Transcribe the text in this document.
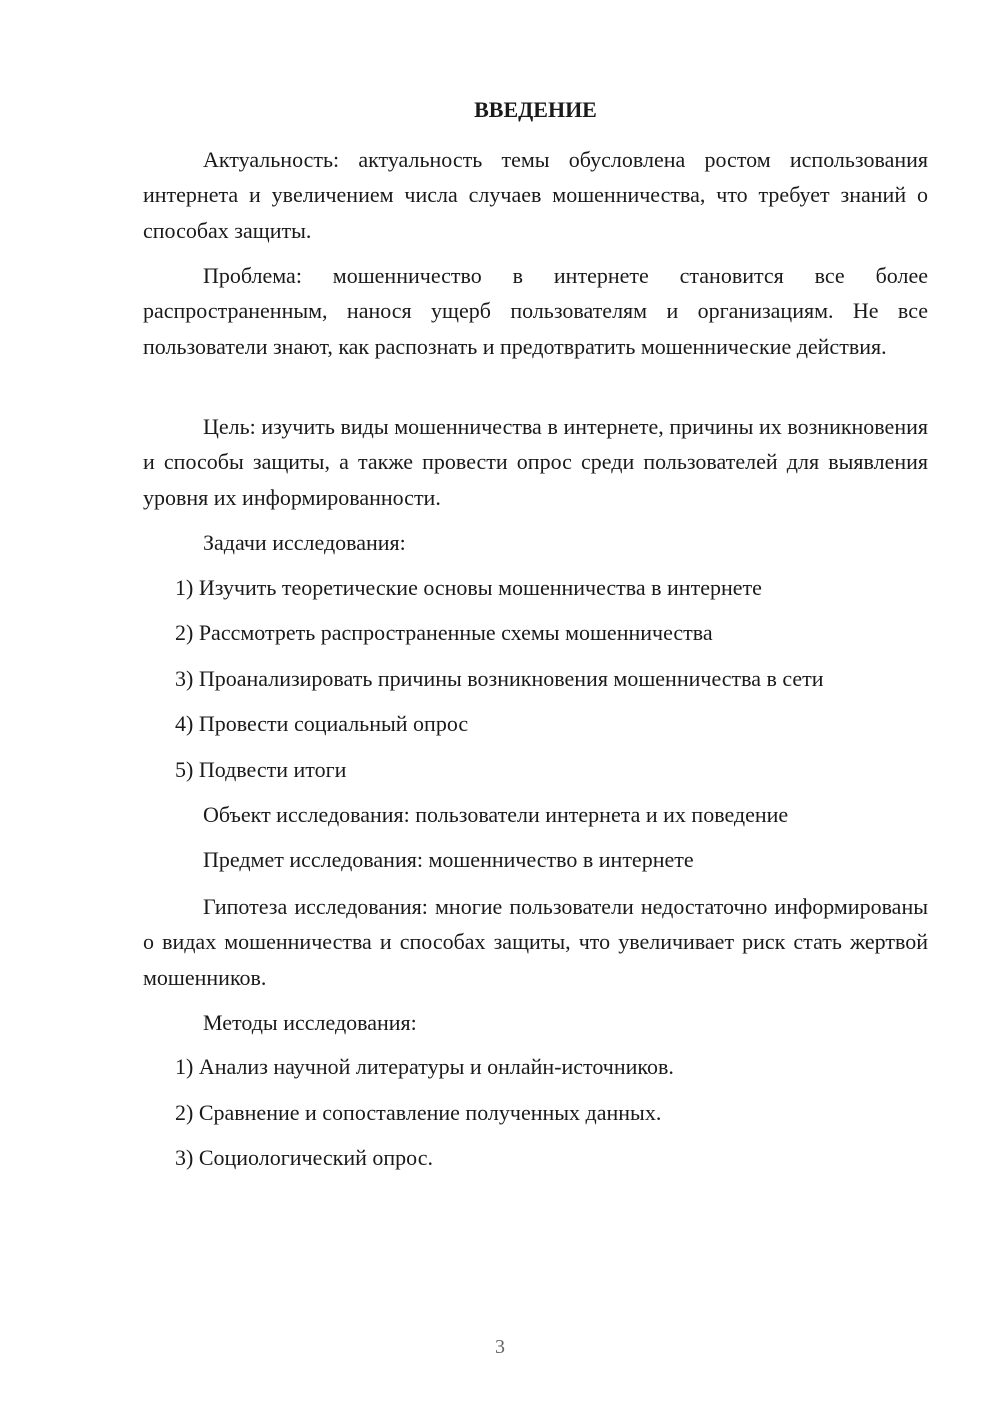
ВВЕДЕНИЕ

Актуальность: актуальность темы обусловлена ростом использования интернета и увеличением числа случаев мошенничества, что требует знаний о способах защиты.

Проблема: мошенничество в интернете становится все более распространенным, нанося ущерб пользователям и организациям. Не все пользователи знают, как распознать и предотвратить мошеннические действия.

Цель: изучить виды мошенничества в интернете, причины их возникновения и способы защиты, а также провести опрос среди пользователей для выявления уровня их информированности.

Задачи исследования:
1) Изучить теоретические основы мошенничества в интернете
2) Рассмотреть распространенные схемы мошенничества
3) Проанализировать причины возникновения мошенничества в сети
4) Провести социальный опрос
5) Подвести итоги
Объект исследования: пользователи интернета и их поведение
Предмет исследования: мошенничество в интернете

Гипотеза исследования: многие пользователи недостаточно информированы о видах мошенничества и способах защиты, что увеличивает риск стать жертвой мошенников.

Методы исследования:
1) Анализ научной литературы и онлайн-источников.
2) Сравнение и сопоставление полученных данных.
3) Социологический опрос.
3
